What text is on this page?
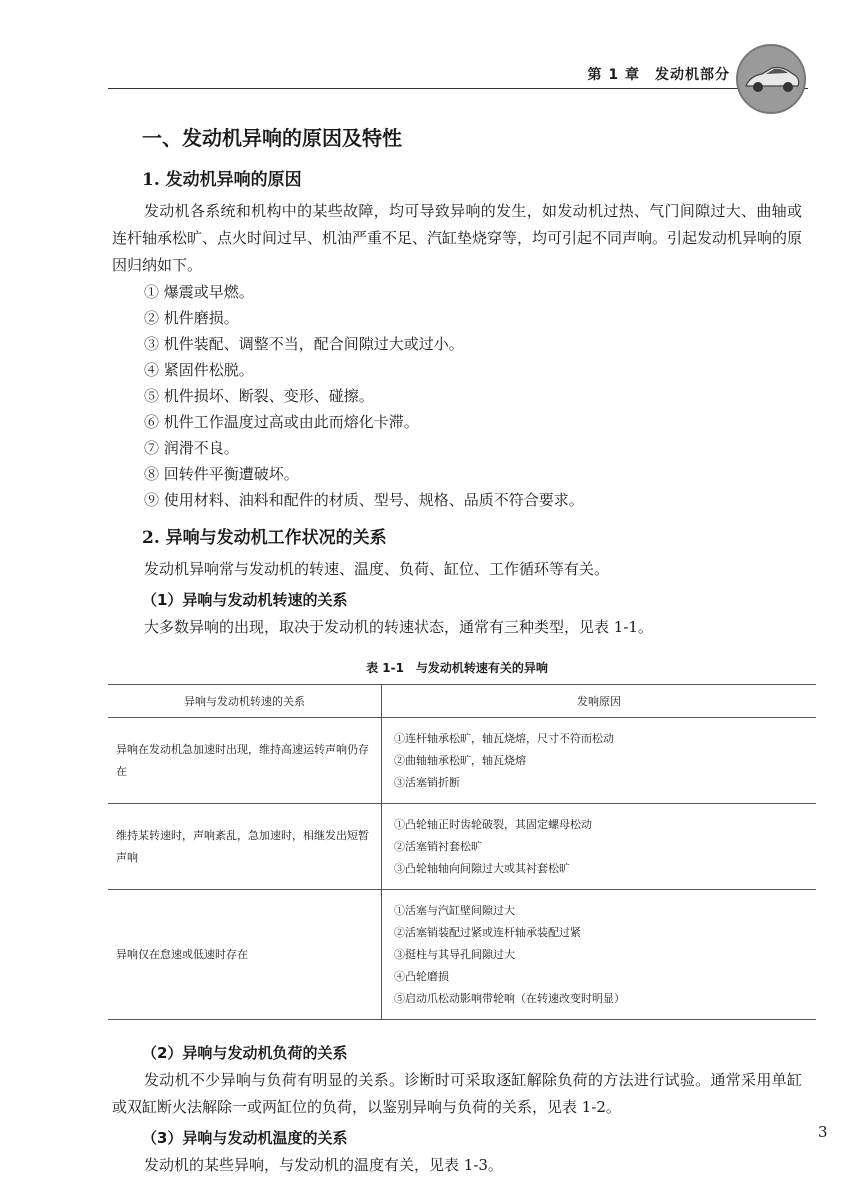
第 1 章　发动机部分
一、发动机异响的原因及特性
1. 发动机异响的原因

发动机各系统和机构中的某些故障，均可导致异响的发生，如发动机过热、气门间隙过大、曲轴或连杆轴承松旷、点火时间过早、机油严重不足、汽缸垫烧穿等，均可引起不同声响。引起发动机异响的原因归纳如下。

① 爆震或早燃。
② 机件磨损。
③ 机件装配、调整不当，配合间隙过大或过小。
④ 紧固件松脱。
⑤ 机件损坏、断裂、变形、碰擦。
⑥ 机件工作温度过高或由此而熔化卡滞。
⑦ 润滑不良。
⑧ 回转件平衡遭破坏。
⑨ 使用材料、油料和配件的材质、型号、规格、品质不符合要求。
2. 异响与发动机工作状况的关系

发动机异响常与发动机的转速、温度、负荷、缸位、工作循环等有关。

（1）异响与发动机转速的关系

大多数异响的出现，取决于发动机的转速状态，通常有三种类型，见表 1-1。

表 1-1　与发动机转速有关的异响
异响与发动机转速的关系	发响原因
异响在发动机急加速时出现，维持高速运转声响仍存在	①连杆轴承松旷，轴瓦烧熔，尺寸不符而松动
②曲轴轴承松旷，轴瓦烧熔
③活塞销折断

维持某转速时，声响紊乱，急加速时，相继发出短暂声响	①凸轮轴正时齿轮破裂，其固定螺母松动
②活塞销衬套松旷
③凸轮轴轴向间隙过大或其衬套松旷

异响仅在怠速或低速时存在	①活塞与汽缸壁间隙过大
②活塞销装配过紧或连杆轴承装配过紧
③挺柱与其导孔间隙过大
④凸轮磨损
⑤启动爪松动影响带轮响（在转速改变时明显）
（2）异响与发动机负荷的关系

发动机不少异响与负荷有明显的关系。诊断时可采取逐缸解除负荷的方法进行试验。通常采用单缸或双缸断火法解除一或两缸位的负荷，以鉴别异响与负荷的关系，见表 1-2。

（3）异响与发动机温度的关系

发动机的某些异响，与发动机的温度有关，见表 1-3。

3
